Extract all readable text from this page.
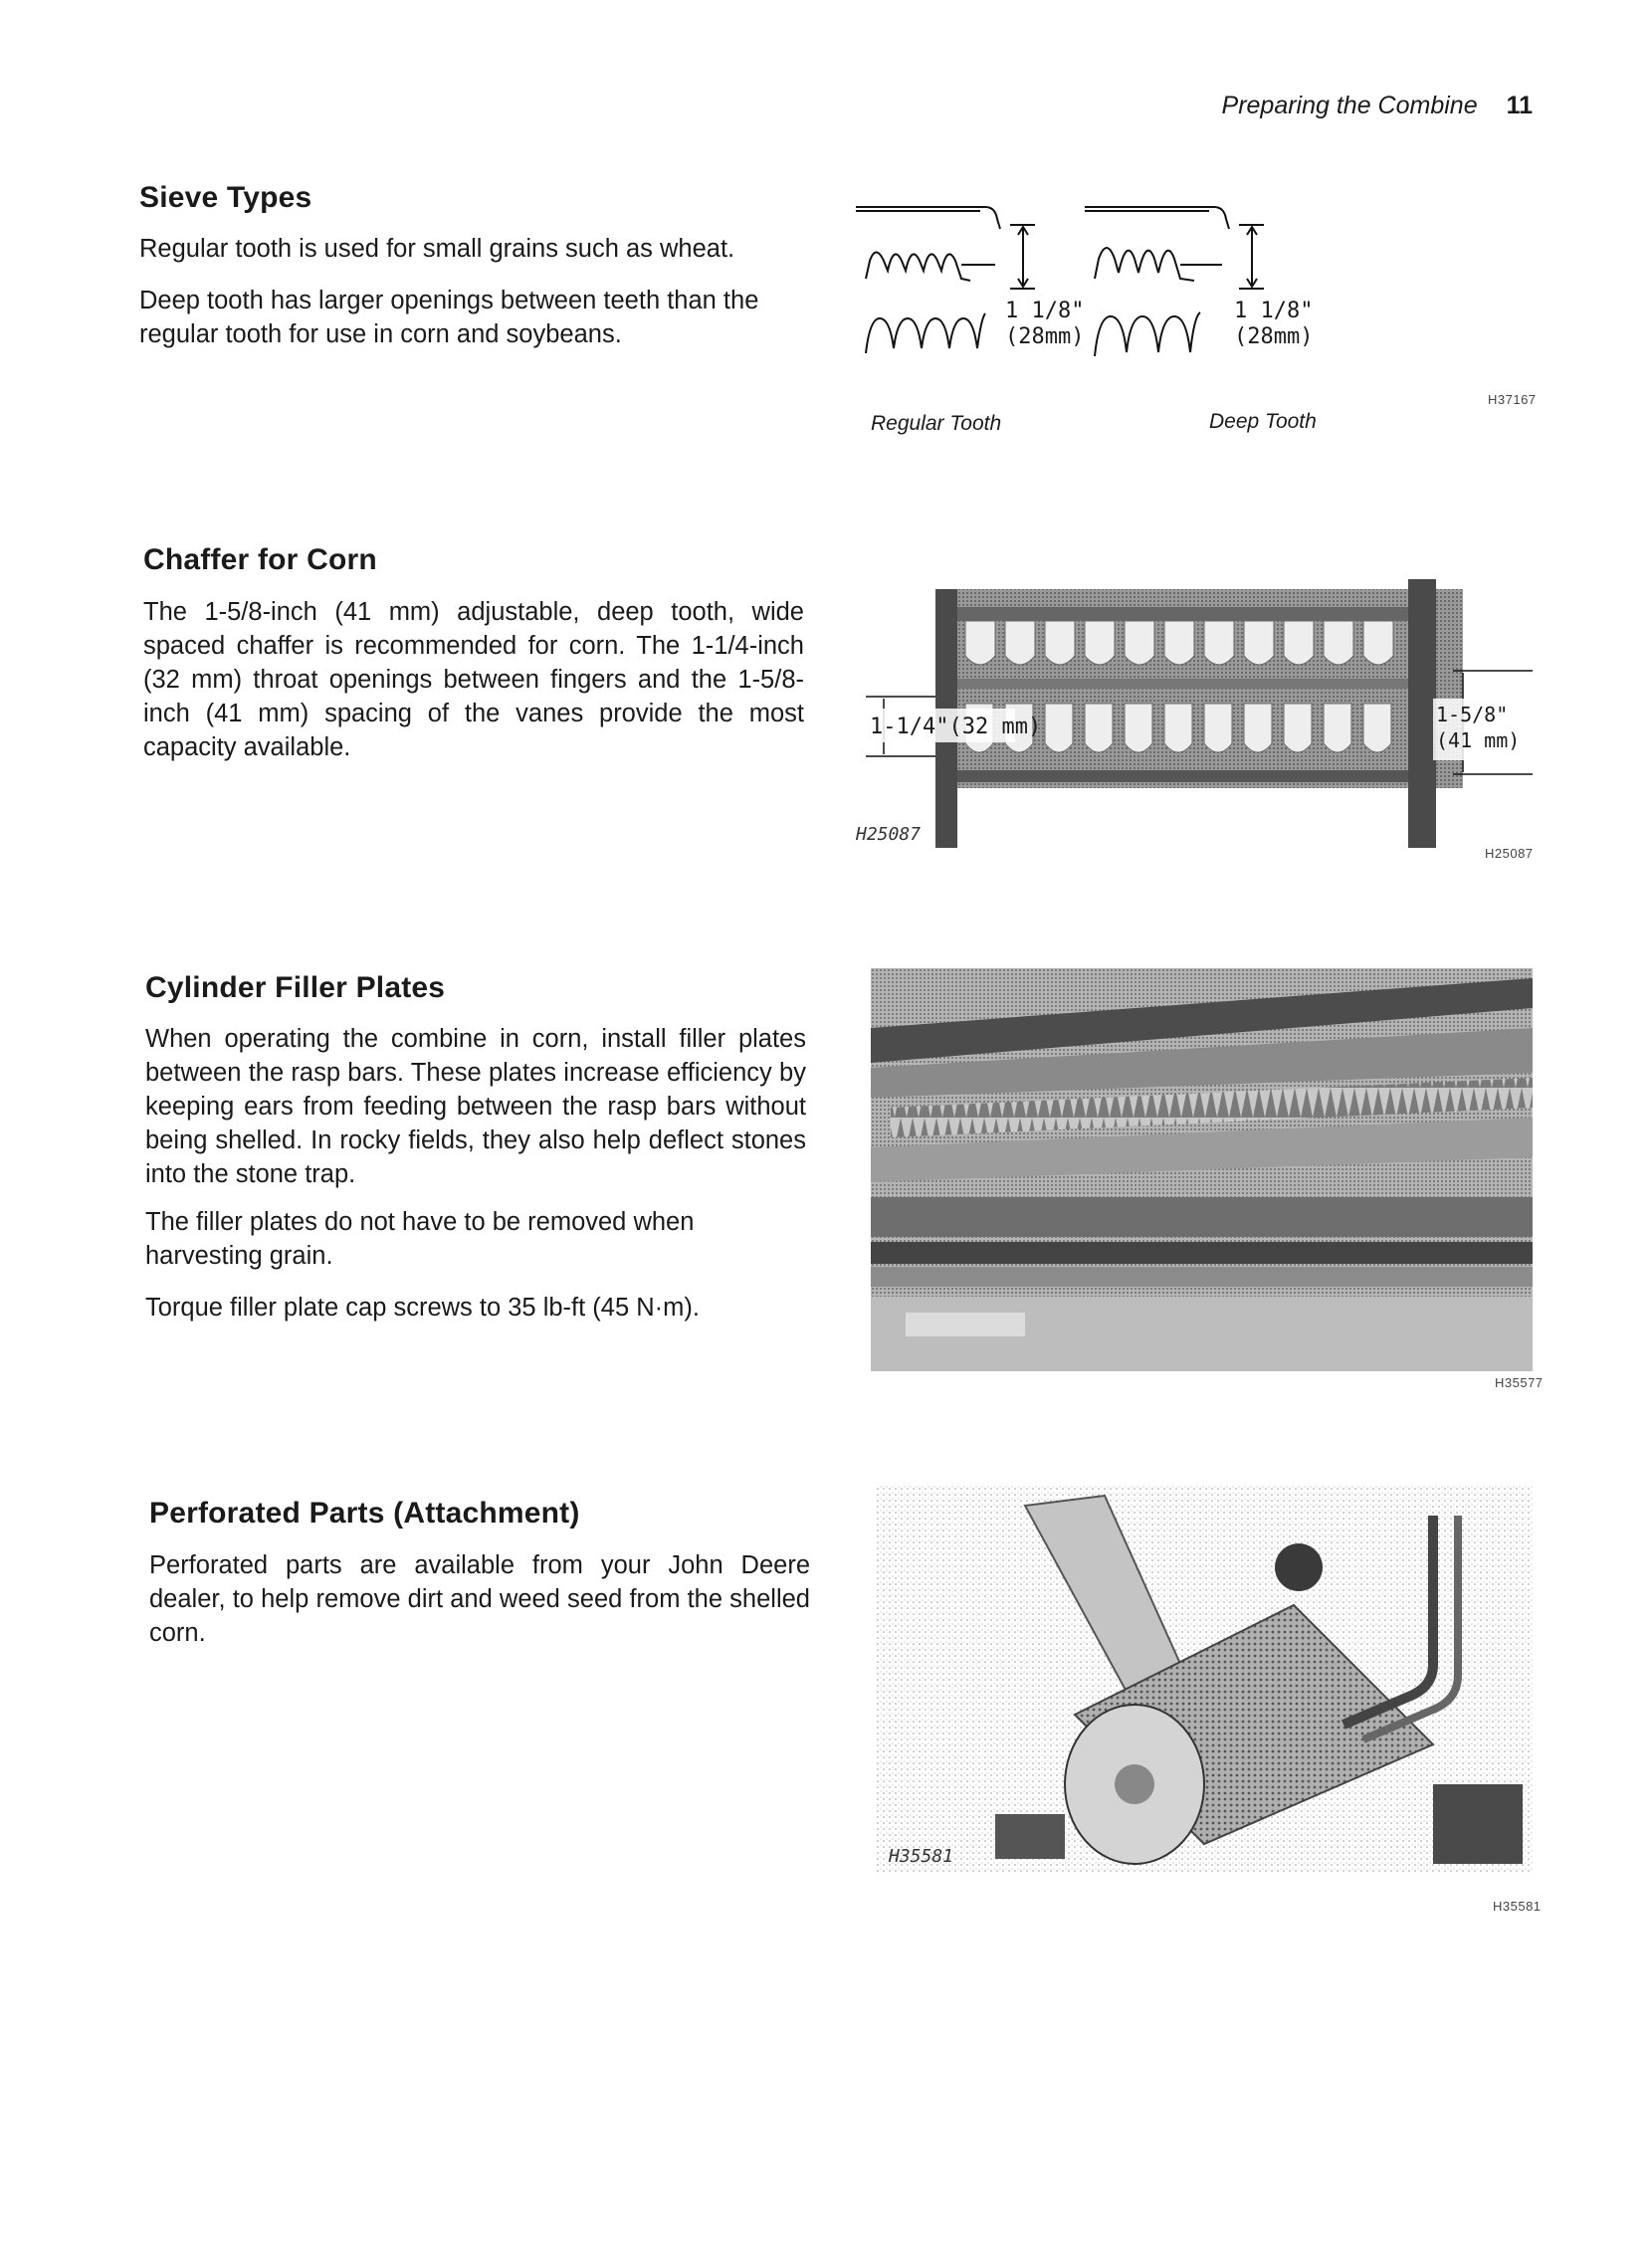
Preparing the Combine 11
Sieve Types

Regular tooth is used for small grains such as wheat.

Deep tooth has larger openings between teeth than the regular tooth for use in corn and soybeans.

1 1/8"
(28mm)
1 1/8"
(28mm)
H37167
Regular Tooth	Deep Tooth
Chaffer for Corn

The 1-5/8-inch (41 mm) adjustable, deep tooth, wide spaced chaffer is recommended for corn. The 1-1/4-inch (32 mm) throat openings between fingers and the 1-5/8-inch (41 mm) spacing of the vanes provide the most capacity available.

1-1/4"(32 mm)	1-5/8"
(41 mm)
H25087
H25087
Cylinder Filler Plates

When operating the combine in corn, install filler plates between the rasp bars. These plates increase efficiency by keeping ears from feeding between the rasp bars without being shelled. In rocky fields, they also help deflect stones into the stone trap.

The filler plates do not have to be removed when harvesting grain.

Torque filler plate cap screws to 35 lb-ft (45 N·m).

H35577
Perforated Parts (Attachment)

Perforated parts are available from your John Deere dealer, to help remove dirt and weed seed from the shelled corn.

H35581
H35581
